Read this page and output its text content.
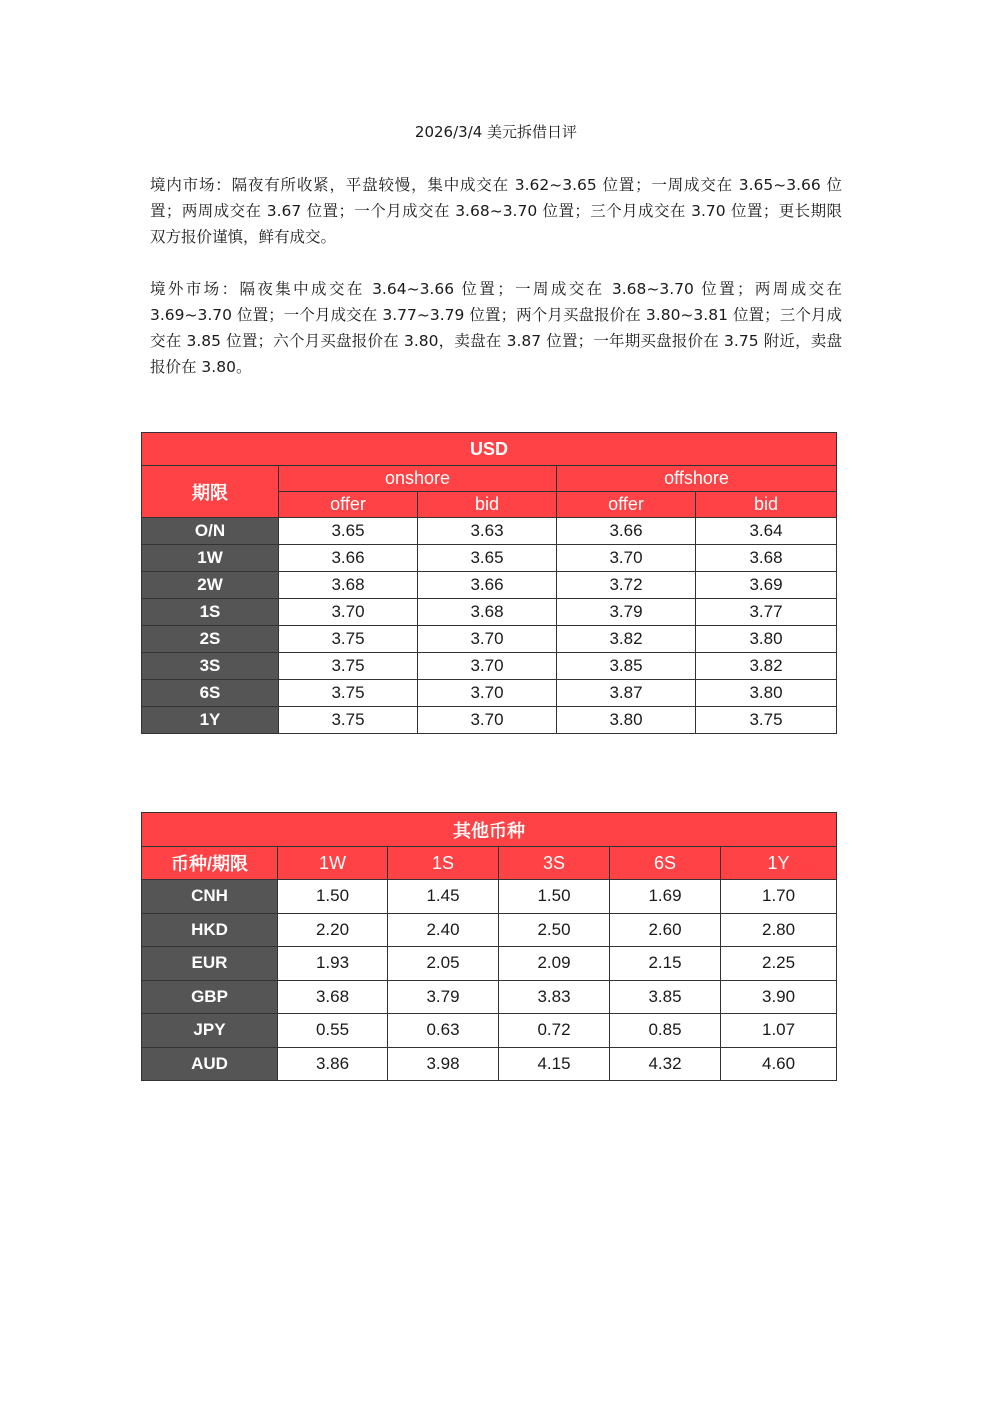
2026/3/4 美元拆借日评
境内市场：隔夜有所收紧，平盘较慢，集中成交在 3.62~3.65 位置；一周成交在 3.65~3.66 位置；两周成交在 3.67 位置；一个月成交在 3.68~3.70 位置；三个月成交在 3.70 位置；更长期限双方报价谨慎，鲜有成交。
境外市场：隔夜集中成交在 3.64~3.66 位置；一周成交在 3.68~3.70 位置；两周成交在 3.69~3.70 位置；一个月成交在 3.77~3.79 位置；两个月买盘报价在 3.80~3.81 位置；三个月成交在 3.85 位置；六个月买盘报价在 3.80，卖盘在 3.87 位置；一年期买盘报价在 3.75 附近，卖盘报价在 3.80。
USD				
期限	onshore		offshore	
	offer	bid	offer	bid
O/N	3.65	3.63	3.66	3.64
1W	3.66	3.65	3.70	3.68
2W	3.68	3.66	3.72	3.69
1S	3.70	3.68	3.79	3.77
2S	3.75	3.70	3.82	3.80
3S	3.75	3.70	3.85	3.82
6S	3.75	3.70	3.87	3.80
1Y	3.75	3.70	3.80	3.75
其他币种					
币种/期限	1W	1S	3S	6S	1Y
CNH	1.50	1.45	1.50	1.69	1.70
HKD	2.20	2.40	2.50	2.60	2.80
EUR	1.93	2.05	2.09	2.15	2.25
GBP	3.68	3.79	3.83	3.85	3.90
JPY	0.55	0.63	0.72	0.85	1.07
AUD	3.86	3.98	4.15	4.32	4.60
